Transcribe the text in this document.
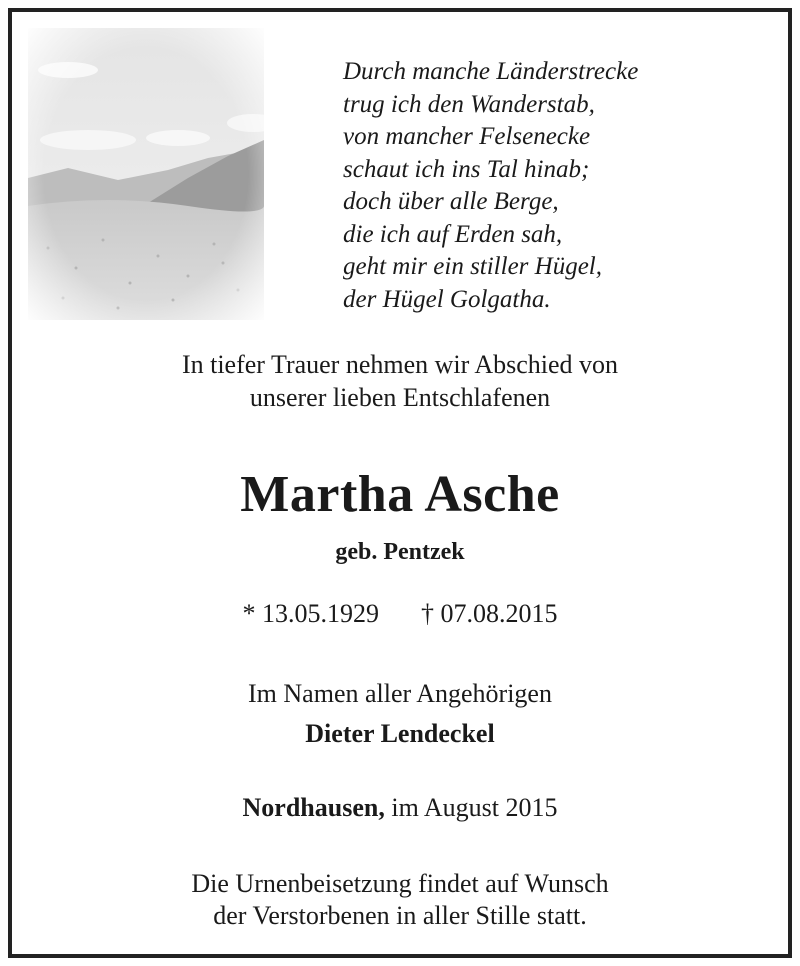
Durch manche Länderstrecke
trug ich den Wanderstab,
von mancher Felsenecke
schaut ich ins Tal hinab;
doch über alle Berge,
die ich auf Erden sah,
geht mir ein stiller Hügel,
der Hügel Golgatha.
In tiefer Trauer nehmen wir Abschied von
unserer lieben Entschlafenen
Martha Asche
geb. Pentzek
* 13.05.1929 † 07.08.2015
Im Namen aller Angehörigen
Dieter Lendeckel
Nordhausen, im August 2015
Die Urnenbeisetzung findet auf Wunsch
der Verstorbenen in aller Stille statt.
